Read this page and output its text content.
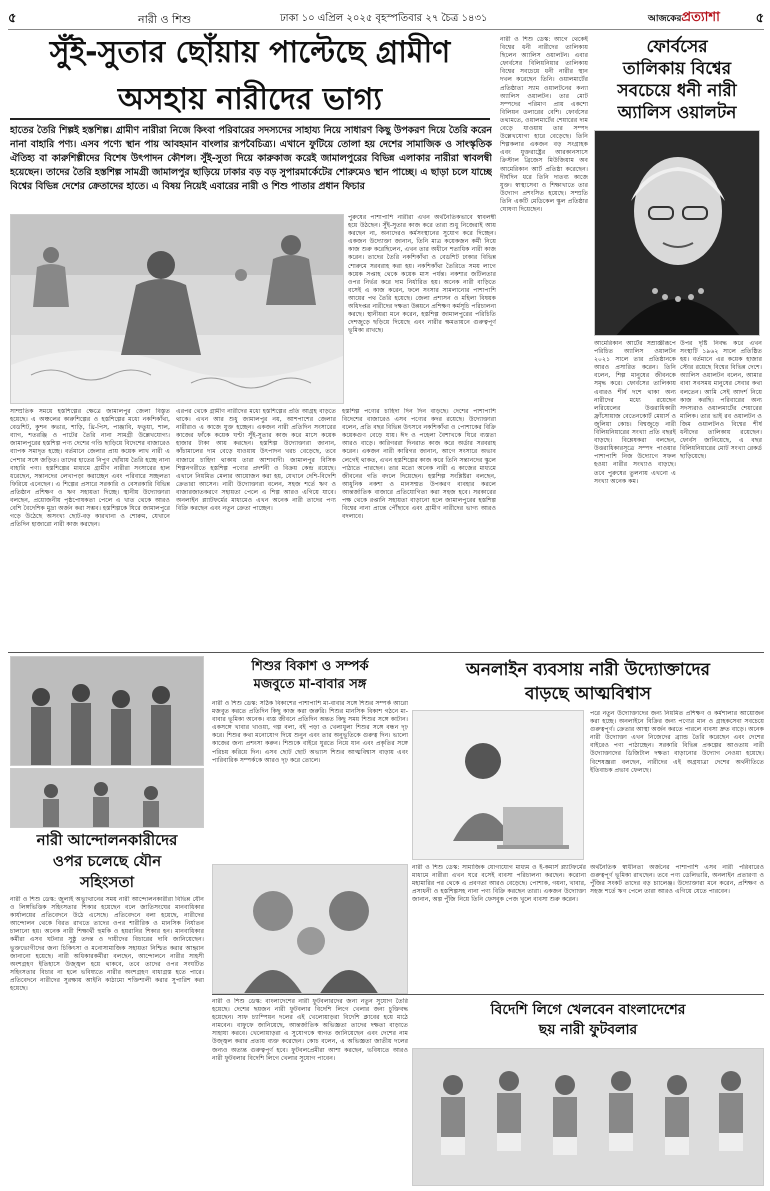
৫	নারী ও শিশু	ঢাকা ১০ এপ্রিল ২০২৫ বৃহস্পতিবার ২৭ চৈত্র ১৪৩১	আজকেরপ্রত্যাশা	৫
সুঁই-সুতার ছোঁয়ায় পাল্টেছে গ্রামীণ
অসহায় নারীদের ভাগ্য
হাতের তৈরি শিল্পই হস্তশিল্প। গ্রামীণ নারীরা নিজে কিংবা পরিবারের সদস্যদের সাহায্য নিয়ে সাধারণ কিছু উপকরণ দিয়ে তৈরি করেন নানা বাহারি পণ্য। এসব পণ্যে স্থান পায় আবহমান বাংলার রূপবৈচিত্র্য। এখানে ফুটিয়ে তোলা হয় দেশের সামাজিক ও সাংস্কৃতিক ঐতিহ্য বা কারুশিল্পীদের বিশেষ উৎপাদন কৌশল। সুঁই-সুতা দিয়ে কারুকাজ করেই জামালপুরের বিভিন্ন এলাকার নারীরা স্বাবলম্বী হয়েছেন। তাদের তৈরি হস্তশিল্প সামগ্রী জামালপুর ছাড়িয়ে ঢাকার বড় বড় সুপারমার্কেটের শোরুমেও স্থান পাচ্ছে। এ ছাড়া চলে যাচ্ছে বিশ্বের বিভিন্ন দেশের ক্রেতাদের হাতে। এ বিষয় নিয়েই এবারের নারী ও শিশু পাতার প্রধান ফিচার
সাম্প্রতিক সময়ে হস্তশিল্পের ক্ষেত্রে জামালপুর জেলা বিস্তৃত হয়েছে। এ অঞ্চলের কারুশিল্পের ও হস্তশিল্পের মধ্যে নকশিকাঁথা, বেডশিট, কুশন কভার, শাড়ি, থ্রি-পিস, পাঞ্জাবি, ফতুয়া, শাল, ব্যাগ, শতরঞ্জি ও পাটের তৈরি নানা সামগ্রী উল্লেখযোগ্য। জামালপুরের হস্তশিল্প পণ্য দেশের গণ্ডি ছাড়িয়ে বিদেশের বাজারেও ব্যাপক সমাদৃত হচ্ছে। বর্তমানে জেলার প্রায় কয়েক লাখ নারী এ পেশার সঙ্গে জড়িত। তাদের হাতের নিপুণ ছোঁয়ায় তৈরি হচ্ছে নানা বাহারি পণ্য। হস্তশিল্পের মাধ্যমে গ্রামীণ নারীরা সংসারের হাল ধরেছেন, সন্তানদের লেখাপড়া করাচ্ছেন এবং পরিবারে সচ্ছলতা ফিরিয়ে এনেছেন। এ শিল্পের প্রসারে সরকারি ও বেসরকারি বিভিন্ন প্রতিষ্ঠান প্রশিক্ষণ ও ঋণ সহায়তা দিচ্ছে। স্থানীয় উদ্যোক্তারা বলছেন, প্রয়োজনীয় পৃষ্ঠপোষকতা পেলে এ খাত থেকে আরও বেশি বৈদেশিক মুদ্রা অর্জন করা সম্ভব। হস্তশিল্পকে ঘিরে জামালপুরে গড়ে উঠেছে অসংখ্য ছোট-বড় কারখানা ও শোরুম, যেখানে প্রতিদিন হাজারো নারী কাজ করছেন।
এরপর থেকে গ্রামীণ নারীদের মধ্যে হস্তশিল্পের প্রতি আগ্রহ বাড়তে থাকে। এখন আর শুধু জামালপুর নয়, আশপাশের জেলার নারীরাও এ কাজে যুক্ত হচ্ছেন। একজন নারী প্রতিদিন সংসারের কাজের ফাঁকে কয়েক ঘণ্টা সুঁই-সুতার কাজ করে মাসে কয়েক হাজার টাকা আয় করছেন। হস্তশিল্প উদ্যোক্তারা জানান, কাঁচামালের দাম বেড়ে যাওয়ায় উৎপাদন খরচ বেড়েছে, তবে বাজারে চাহিদা থাকায় তারা আশাবাদী। জামালপুর বিসিক শিল্পনগরীতে হস্তশিল্প পণ্যের প্রদর্শনী ও বিক্রয় কেন্দ্র রয়েছে। এখানে নিয়মিত মেলার আয়োজন করা হয়, যেখানে দেশি-বিদেশি ক্রেতারা আসেন। নারী উদ্যোক্তারা বলেন, সহজ শর্তে ঋণ ও বাজারজাতকরণে সহায়তা পেলে এ শিল্প আরও এগিয়ে যাবে। অনলাইন প্ল্যাটফর্মের মাধ্যমেও এখন অনেক নারী তাদের পণ্য বিক্রি করছেন এবং নতুন ক্রেতা পাচ্ছেন।
পুরুষের পাশাপাশি নারীরা এখন অর্থনৈতিকভাবে স্বাবলম্বী হয়ে উঠছেন। সুঁই-সুতার কাজ করে তারা শুধু নিজেরাই আয় করছেন না, অন্যদেরও কর্মসংস্থানের সুযোগ করে দিচ্ছেন। একজন উদ্যোক্তা জানান, তিনি মাত্র কয়েকজন কর্মী নিয়ে কাজ শুরু করেছিলেন, এখন তার অধীনে শতাধিক নারী কাজ করেন। তাদের তৈরি নকশিকাঁথা ও বেডশিট ঢাকার বিভিন্ন শোরুমে সরবরাহ করা হয়। নকশিকাঁথা তৈরিতে সময় লাগে কয়েক সপ্তাহ থেকে কয়েক মাস পর্যন্ত। নকশার জটিলতার ওপর নির্ভর করে দাম নির্ধারিত হয়। অনেক নারী বাড়িতে বসেই এ কাজ করেন, ফলে সংসার সামলানোর পাশাপাশি আয়ের পথ তৈরি হয়েছে। জেলা প্রশাসন ও মহিলা বিষয়ক অধিদপ্তর নারীদের দক্ষতা উন্নয়নে প্রশিক্ষণ কর্মসূচি পরিচালনা করছে। স্থানীয়রা মনে করেন, হস্তশিল্প জামালপুরের পরিচিতি দেশজুড়ে ছড়িয়ে দিয়েছে এবং নারীর ক্ষমতায়নে গুরুত্বপূর্ণ ভূমিকা রাখছে।
হস্তশিল্প পণ্যের চাহিদা দিন দিন বাড়ছে। দেশের পাশাপাশি বিদেশের বাজারেও এসব পণ্যের কদর রয়েছে। উদ্যোক্তারা বলেন, প্রতি বছর বিভিন্ন উৎসবে নকশিকাঁথা ও পোশাকের বিক্রি কয়েকগুণ বেড়ে যায়। ঈদ ও পহেলা বৈশাখকে ঘিরে ব্যস্ততা আরও বাড়ে। কারিগররা দিনরাত কাজ করে অর্ডার সরবরাহ করেন। একজন নারী কারিগর জানান, আগে সংসারে অভাব লেগেই থাকত, এখন হস্তশিল্পের কাজ করে তিনি সন্তানদের স্কুলে পাঠাতে পারছেন। তার মতো অনেক নারী এ কাজের মাধ্যমে জীবনের গতি বদলে দিয়েছেন। হস্তশিল্প সংশ্লিষ্টরা বলছেন, আধুনিক নকশা ও মানসম্মত উপকরণ ব্যবহার করলে আন্তর্জাতিক বাজারে প্রতিযোগিতা করা সহজ হবে। সরকারের পক্ষ থেকে রপ্তানি সহায়তা বাড়ানো হলে জামালপুরের হস্তশিল্প বিশ্বের নানা প্রান্তে পৌঁছাবে এবং গ্রামীণ নারীদের ভাগ্য আরও বদলাবে।
নারী ও শিশু ডেস্ক: আগে থেকেই বিশ্বের ধনী নারীদের তালিকায় ছিলেন অ্যালিস ওয়ালটন। এবার ফোর্বসের বিলিয়নিয়ার তালিকায় বিশ্বের সবচেয়ে ধনী নারীর স্থান দখল করেছেন তিনি। ওয়ালমার্টের প্রতিষ্ঠাতা স্যাম ওয়ালটনের কন্যা অ্যালিস ওয়ালটন। তার মোট সম্পদের পরিমাণ প্রায় একশো বিলিয়ন ডলারের বেশি। ফোর্বসের তথ্যমতে, ওয়ালমার্টের শেয়ারের দাম বেড়ে যাওয়ায় তার সম্পদ উল্লেখযোগ্য হারে বেড়েছে। তিনি শিল্পকলার একজন বড় সংগ্রাহক এবং যুক্তরাষ্ট্রের আরকানসাসে ক্রিস্টাল ব্রিজেস মিউজিয়াম অব আমেরিকান আর্ট প্রতিষ্ঠা করেছেন। দীর্ঘদিন ধরে তিনি দাতব্য কাজে যুক্ত। স্বাস্থ্যসেবা ও শিক্ষাখাতে তার উদ্যোগ প্রশংসিত হয়েছে। সম্প্রতি তিনি একটি মেডিকেল স্কুল প্রতিষ্ঠার ঘোষণা দিয়েছেন।
ফোর্বসের
তালিকায় বিশ্বের
সবচেয়ে ধনী নারী
অ্যালিস ওয়ালটন
আমেরিকান আর্টের সম্রাজ্ঞীরূপে পরিচিত অ্যালিস ওয়ালটন ২০২১ সালে তার প্রতিষ্ঠানকে আরও প্রসারিত করেন। তিনি বলেন, শিল্প মানুষের জীবনকে সমৃদ্ধ করে। ফোর্বসের তালিকায় এবারও শীর্ষ দশে থাকা অন্য নারীদের মধ্যে রয়েছেন লরিয়েলের উত্তরাধিকারী ফ্রাঁসোয়াজ বেতেনকোর্ট মেয়ার্স ও জুলিয়া কোচ। বিশ্বজুড়ে নারী বিলিয়নিয়ারের সংখ্যা প্রতি বছরই বাড়ছে। বিশ্লেষকরা বলছেন, উত্তরাধিকারসূত্রে সম্পদ পাওয়ার পাশাপাশি নিজ উদ্যোগে সফল হওয়া নারীর সংখ্যাও বাড়ছে। তবে পুরুষের তুলনায় এখনো এ সংখ্যা অনেক কম।
উপর দৃষ্টি নিবদ্ধ করে এখন সংস্থাটি ১৯৬২ সালে প্রতিষ্ঠিত হয়। বর্তমানে এর কয়েক হাজার স্টোর রয়েছে বিশ্বের বিভিন্ন দেশে। অ্যালিস ওয়ালটন বলেন, আমার বাবা সবসময় মানুষের সেবার কথা বলতেন। আমি সেই আদর্শ নিয়ে কাজ করছি। পরিবারের অন্য সদস্যরাও ওয়ালমার্টের শেয়ারের মালিক। তার ভাই রব ওয়ালটন ও জিম ওয়ালটনও বিশ্বের শীর্ষ ধনীদের তালিকায় রয়েছেন। ফোর্বস জানিয়েছে, এ বছর বিলিয়নিয়ারের মোট সংখ্যা রেকর্ড ছাড়িয়েছে।
নারী আন্দোলনকারীদের
ওপর চলেছে যৌন
সহিংসতা
নারী ও শিশু ডেস্ক: জুলাই অভ্যুত্থানের সময় নারী আন্দোলনকারীরা বিভিন্ন যৌন ও লিঙ্গভিত্তিক সহিংসতার শিকার হয়েছেন বলে জাতিসংঘের মানবাধিকার কার্যালয়ের প্রতিবেদনে উঠে এসেছে। প্রতিবেদনে বলা হয়েছে, নারীদের আন্দোলন থেকে বিরত রাখতে তাদের ওপর শারীরিক ও মানসিক নির্যাতন চালানো হয়। অনেক নারী শিক্ষার্থী হুমকি ও হয়রানির শিকার হন। মানবাধিকার কর্মীরা এসব ঘটনার সুষ্ঠু তদন্ত ও দায়ীদের বিচারের দাবি জানিয়েছেন। ভুক্তভোগীদের জন্য চিকিৎসা ও মনোসামাজিক সহায়তা নিশ্চিত করার আহ্বান জানানো হয়েছে। নারী অধিকারকর্মীরা বলছেন, আন্দোলনে নারীর সাহসী অংশগ্রহণ ইতিহাসে উজ্জ্বল হয়ে থাকবে, তবে তাদের ওপর সংঘটিত সহিংসতার বিচার না হলে ভবিষ্যতে নারীর অংশগ্রহণ বাধাগ্রস্ত হতে পারে। প্রতিবেদনে নারীদের সুরক্ষায় আইনি কাঠামো শক্তিশালী করার সুপারিশ করা হয়েছে।
শিশুর বিকাশ ও সম্পর্ক
মজবুতে মা-বাবার সঙ্গ
নারী ও শিশু ডেস্ক: সঠিক বিকাশের পাশাপাশি মা-বাবার সঙ্গে শিশুর সম্পর্ক আরো মজবুত করতে প্রতিদিন কিছু কাজ করা জরুরি। শিশুর মানসিক বিকাশ গঠনে মা-বাবার ভূমিকা অনেক। ব্যস্ত জীবনে প্রতিদিন অন্তত কিছু সময় শিশুর সঙ্গে কাটান। একসঙ্গে খাবার খাওয়া, গল্প বলা, বই পড়া ও খেলাধুলা শিশুর সঙ্গে বন্ধন দৃঢ় করে। শিশুর কথা মনোযোগ দিয়ে শুনুন এবং তার অনুভূতিকে গুরুত্ব দিন। ভালো কাজের জন্য প্রশংসা করুন। শিশুকে বাইরে ঘুরতে নিয়ে যান এবং প্রকৃতির সঙ্গে পরিচয় করিয়ে দিন। এসব ছোট ছোট অভ্যাস শিশুর আত্মবিশ্বাস বাড়ায় এবং পারিবারিক সম্পর্ককে আরও দৃঢ় করে তোলে।
অনলাইন ব্যবসায় নারী উদ্যোক্তাদের
বাড়ছে আত্মবিশ্বাস
পরে নতুন উদ্যোক্তাদের জন্য নিয়মিত প্রশিক্ষণ ও কর্মশালার আয়োজন করা হচ্ছে। অনলাইনে বিক্রির জন্য পণ্যের মান ও গ্রাহকসেবা সবচেয়ে গুরুত্বপূর্ণ। ক্রেতার আস্থা অর্জন করতে পারলে ব্যবসা দ্রুত বাড়ে। অনেক নারী উদ্যোক্তা এখন নিজেদের ব্র্যান্ড তৈরি করেছেন এবং দেশের বাইরেও পণ্য পাঠাচ্ছেন। সরকারি বিভিন্ন প্রকল্পের আওতায় নারী উদ্যোক্তাদের ডিজিটাল দক্ষতা বাড়ানোর উদ্যোগ নেওয়া হয়েছে। বিশেষজ্ঞরা বলছেন, নারীদের এই অগ্রযাত্রা দেশের অর্থনীতিতে ইতিবাচক প্রভাব ফেলছে।
নারী ও শিশু ডেস্ক: সামাজিক যোগাযোগ মাধ্যম ও ই-কমার্স প্ল্যাটফর্মের মাধ্যমে নারীরা এখন ঘরে বসেই ব্যবসা পরিচালনা করছেন। করোনা মহামারির পর থেকে এ প্রবণতা আরও বেড়েছে। পোশাক, গয়না, খাবার, প্রসাধনী ও হস্তশিল্পসহ নানা পণ্য বিক্রি করছেন তারা। একজন উদ্যোক্তা জানান, অল্প পুঁজি নিয়ে তিনি ফেসবুক পেজ খুলে ব্যবসা শুরু করেন।
অর্থনৈতিক স্বাধীনতা অর্জনের পাশাপাশি এসব নারী পরিবারেও গুরুত্বপূর্ণ ভূমিকা রাখছেন। তবে পণ্য ডেলিভারি, অনলাইন প্রতারণা ও পুঁজির সংকট তাদের বড় চ্যালেঞ্জ। উদ্যোক্তারা মনে করেন, প্রশিক্ষণ ও সহজ শর্তে ঋণ পেলে তারা আরও এগিয়ে যেতে পারবেন।
নারী ও শিশু ডেস্ক: বাংলাদেশের নারী ফুটবলারদের জন্য নতুন সুযোগ তৈরি হয়েছে। দেশের ছয়জন নারী ফুটবলার বিদেশি লিগে খেলার জন্য চুক্তিবদ্ধ হয়েছেন। সাফ চ্যাম্পিয়ন দলের এই খেলোয়াড়রা বিদেশি ক্লাবের হয়ে মাঠে নামবেন। বাফুফে জানিয়েছে, আন্তর্জাতিক অভিজ্ঞতা তাদের দক্ষতা বাড়াতে সাহায্য করবে। খেলোয়াড়রা এ সুযোগকে স্বাগত জানিয়েছেন এবং দেশের নাম উজ্জ্বল করার প্রত্যয় ব্যক্ত করেছেন। কোচ বলেন, এ অভিজ্ঞতা জাতীয় দলের জন্যও অত্যন্ত গুরুত্বপূর্ণ হবে। ফুটবলপ্রেমীরা আশা করছেন, ভবিষ্যতে আরও নারী ফুটবলার বিদেশি লিগে খেলার সুযোগ পাবেন।
বিদেশি লিগে খেলবেন বাংলাদেশের
ছয় নারী ফুটবলার
